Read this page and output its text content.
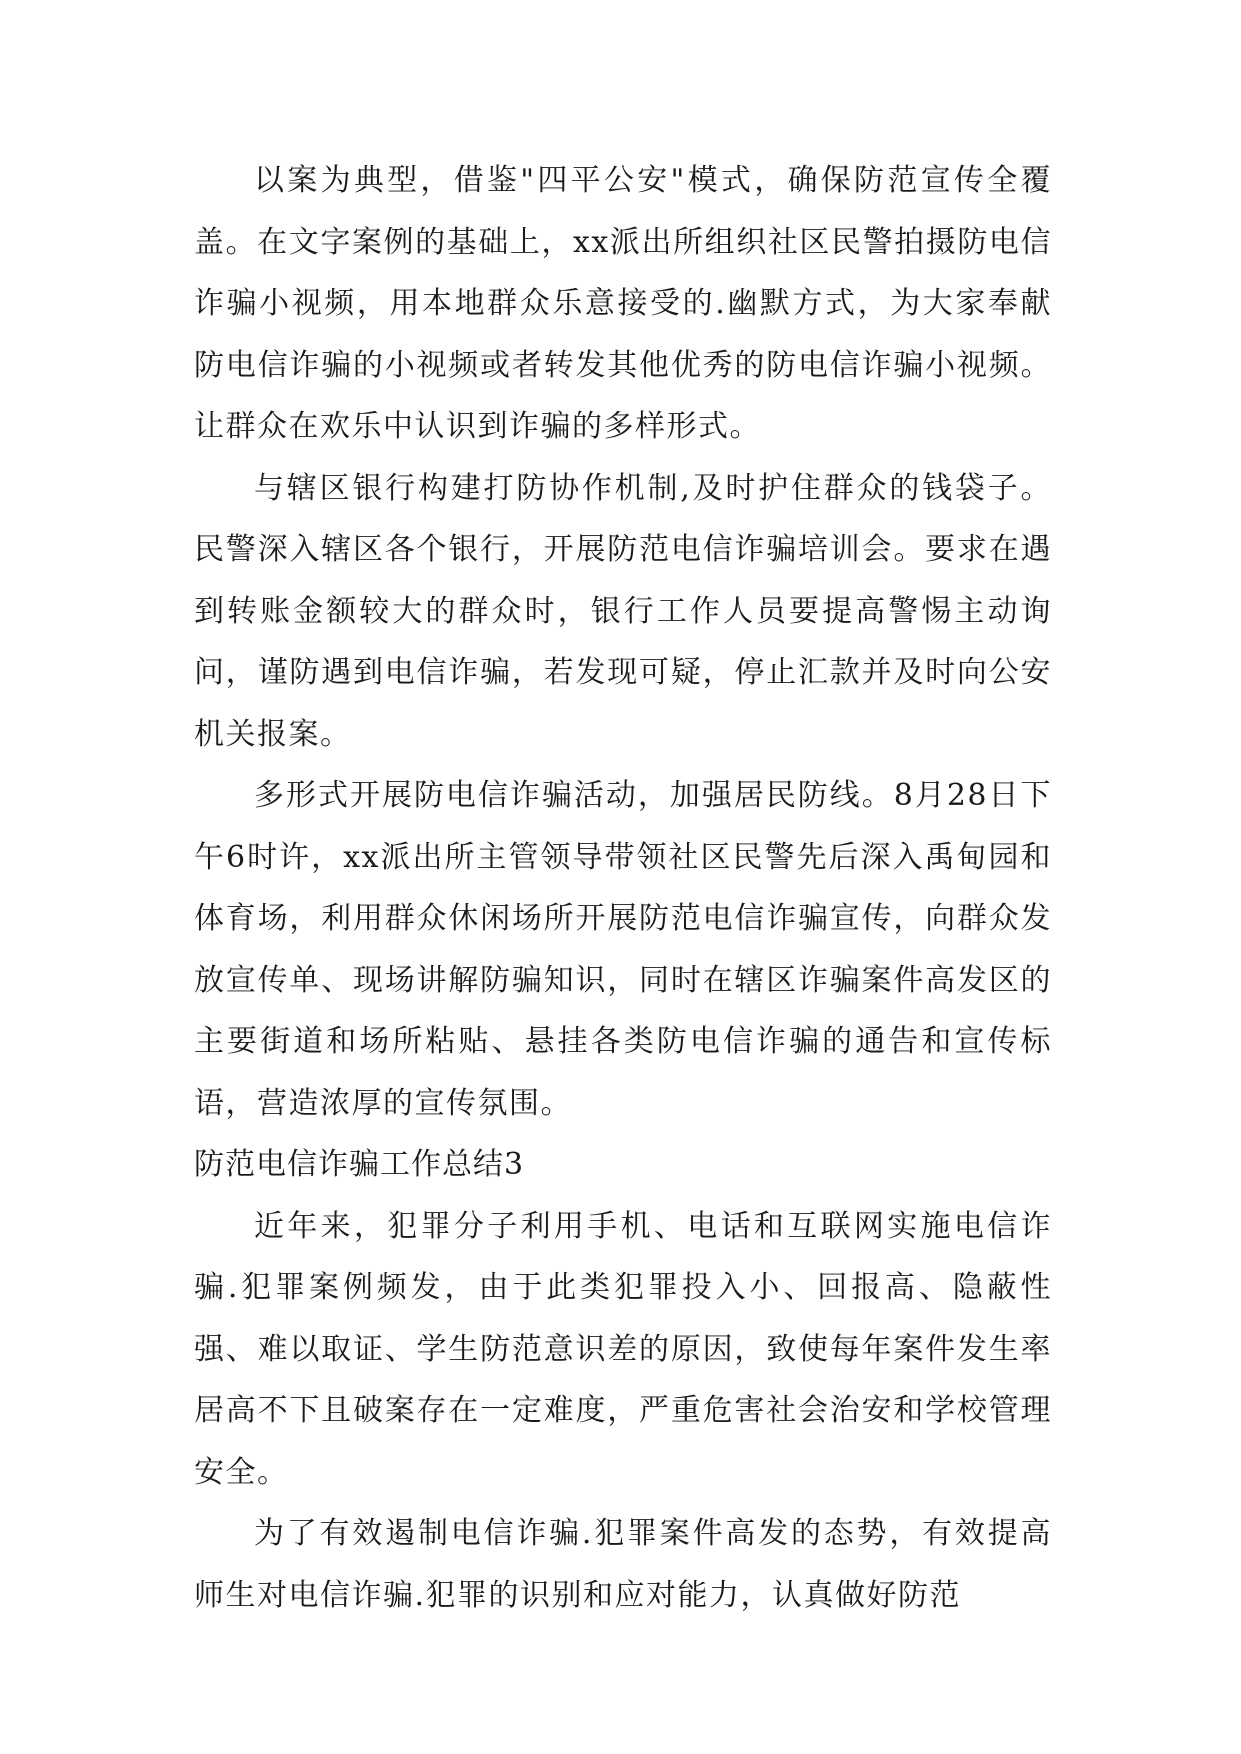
以案为典型，借鉴"四平公安"模式，确保防范宣传全覆盖。在文字案例的基础上，xx派出所组织社区民警拍摄防电信诈骗小视频，用本地群众乐意接受的.幽默方式，为大家奉献防电信诈骗的小视频或者转发其他优秀的防电信诈骗小视频。让群众在欢乐中认识到诈骗的多样形式。

与辖区银行构建打防协作机制,及时护住群众的钱袋子。民警深入辖区各个银行，开展防范电信诈骗培训会。要求在遇到转账金额较大的群众时，银行工作人员要提高警惕主动询问，谨防遇到电信诈骗，若发现可疑，停止汇款并及时向公安机关报案。

多形式开展防电信诈骗活动，加强居民防线。8月28日下午6时许，xx派出所主管领导带领社区民警先后深入禹甸园和体育场，利用群众休闲场所开展防范电信诈骗宣传，向群众发放宣传单、现场讲解防骗知识，同时在辖区诈骗案件高发区的主要街道和场所粘贴、悬挂各类防电信诈骗的通告和宣传标语，营造浓厚的宣传氛围。

防范电信诈骗工作总结3

近年来，犯罪分子利用手机、电话和互联网实施电信诈骗.犯罪案例频发，由于此类犯罪投入小、回报高、隐蔽性强、难以取证、学生防范意识差的原因，致使每年案件发生率居高不下且破案存在一定难度，严重危害社会治安和学校管理安全。

为了有效遏制电信诈骗.犯罪案件高发的态势，有效提高师生对电信诈骗.犯罪的识别和应对能力，认真做好防范
